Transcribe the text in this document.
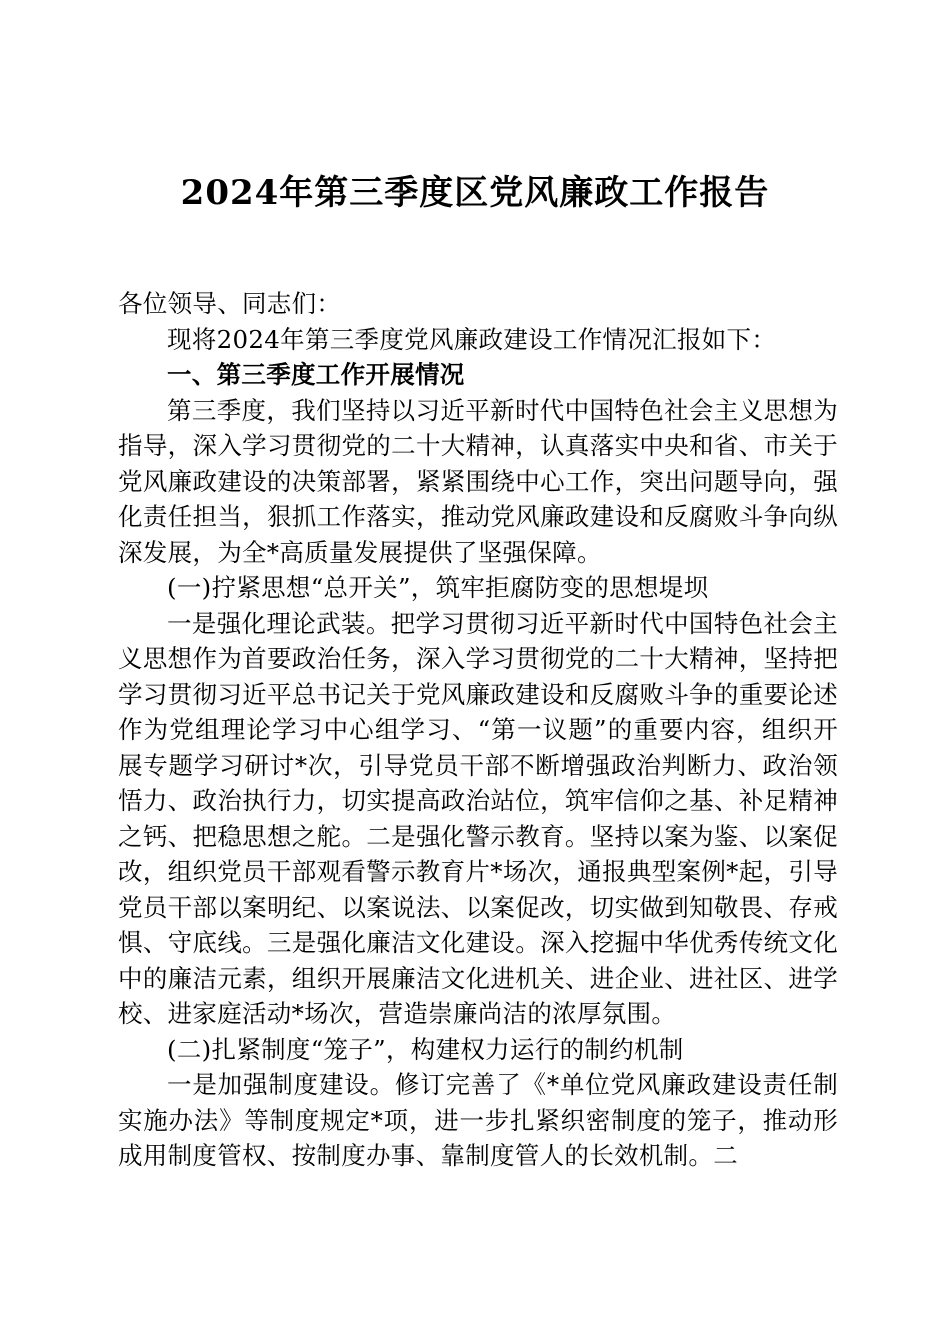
2024年第三季度区党风廉政工作报告

各位领导、同志们：

现将2024年第三季度党风廉政建设工作情况汇报如下：

一、第三季度工作开展情况

第三季度，我们坚持以习近平新时代中国特色社会主义思想为指导，深入学习贯彻党的二十大精神，认真落实中央和省、市关于党风廉政建设的决策部署，紧紧围绕中心工作，突出问题导向，强化责任担当，狠抓工作落实，推动党风廉政建设和反腐败斗争向纵深发展，为全*高质量发展提供了坚强保障。

(一)拧紧思想“总开关”，筑牢拒腐防变的思想堤坝

一是强化理论武装。把学习贯彻习近平新时代中国特色社会主义思想作为首要政治任务，深入学习贯彻党的二十大精神，坚持把学习贯彻习近平总书记关于党风廉政建设和反腐败斗争的重要论述作为党组理论学习中心组学习、“第一议题”的重要内容，组织开展专题学习研讨*次，引导党员干部不断增强政治判断力、政治领悟力、政治执行力，切实提高政治站位，筑牢信仰之基、补足精神之钙、把稳思想之舵。二是强化警示教育。坚持以案为鉴、以案促改，组织党员干部观看警示教育片*场次，通报典型案例*起，引导党员干部以案明纪、以案说法、以案促改，切实做到知敬畏、存戒惧、守底线。三是强化廉洁文化建设。深入挖掘中华优秀传统文化中的廉洁元素，组织开展廉洁文化进机关、进企业、进社区、进学校、进家庭活动*场次，营造崇廉尚洁的浓厚氛围。

(二)扎紧制度“笼子”，构建权力运行的制约机制

一是加强制度建设。修订完善了《*单位党风廉政建设责任制实施办法》等制度规定*项，进一步扎紧织密制度的笼子，推动形成用制度管权、按制度办事、靠制度管人的长效机制。二
